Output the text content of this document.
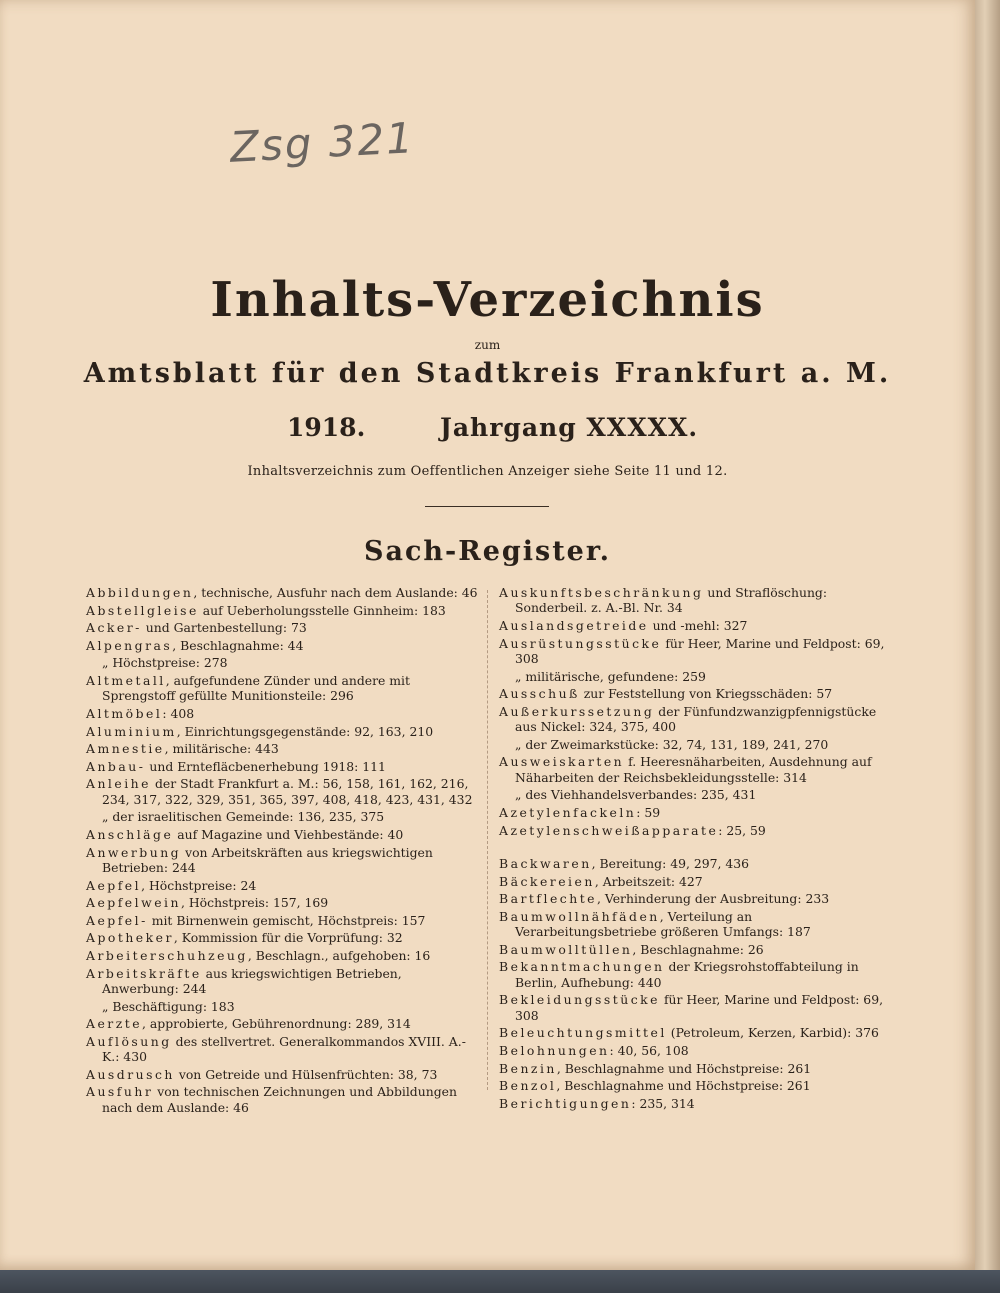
Zsg 321
Inhalts-Verzeichnis
zum
Amtsblatt für den Stadtkreis Frankfurt a. M.
1918.	Jahrgang XXXXX.
Inhaltsverzeichnis zum Oeffentlichen Anzeiger siehe Seite 11 und 12.
Sach-Register.
Abbildungen, technische, Ausfuhr nach dem Auslande: 46
Abstellgleise auf Ueberholungsstelle Ginnheim: 183
Acker- und Gartenbestellung: 73
Alpengras, Beschlagnahme: 44
„ Höchstpreise: 278
Altmetall, aufgefundene Zünder und andere mit Sprengstoff gefüllte Munitionsteile: 296
Altmöbel: 408
Aluminium, Einrichtungsgegenstände: 92, 163, 210
Amnestie, militärische: 443
Anbau- und Erntefläcbenerhebung 1918: 111
Anleihe der Stadt Frankfurt a. M.: 56, 158, 161, 162, 216, 234, 317, 322, 329, 351, 365, 397, 408, 418, 423, 431, 432
„ der israelitischen Gemeinde: 136, 235, 375
Anschläge auf Magazine und Viehbestände: 40
Anwerbung von Arbeitskräften aus kriegswichtigen Betrieben: 244
Aepfel, Höchstpreise: 24
Aepfelwein, Höchstpreis: 157, 169
Aepfel- mit Birnenwein gemischt, Höchstpreis: 157
Apotheker, Kommission für die Vorprüfung: 32
Arbeiterschuhzeug, Beschlagn., aufgehoben: 16
Arbeitskräfte aus kriegswichtigen Betrieben, Anwerbung: 244
„ Beschäftigung: 183
Aerzte, approbierte, Gebührenordnung: 289, 314
Auflösung des stellvertret. Generalkommandos XVIII. A.-K.: 430
Ausdrusch von Getreide und Hülsenfrüchten: 38, 73
Ausfuhr von technischen Zeichnungen und Abbildungen nach dem Auslande: 46
Auskunftsbeschränkung und Straflöschung: Sonderbeil. z. A.-Bl. Nr. 34
Auslandsgetreide und -mehl: 327
Ausrüstungsstücke für Heer, Marine und Feldpost: 69, 308
„ militärische, gefundene: 259
Ausschuß zur Feststellung von Kriegsschäden: 57
Außerkurssetzung der Fünfundzwanzigpfennigstücke aus Nickel: 324, 375, 400
„ der Zweimarkstücke: 32, 74, 131, 189, 241, 270
Ausweiskarten f. Heeresnäharbeiten, Ausdehnung auf Näharbeiten der Reichsbekleidungsstelle: 314
„ des Viehhandelsverbandes: 235, 431
Azetylenfackeln: 59
Azetylenschweißapparate: 25, 59
Backwaren, Bereitung: 49, 297, 436
Bäckereien, Arbeitszeit: 427
Bartflechte, Verhinderung der Ausbreitung: 233
Baumwollnähfäden, Verteilung an Verarbeitungsbetriebe größeren Umfangs: 187
Baumwolltüllen, Beschlagnahme: 26
Bekanntmachungen der Kriegsrohstoffabteilung in Berlin, Aufhebung: 440
Bekleidungsstücke für Heer, Marine und Feldpost: 69, 308
Beleuchtungsmittel (Petroleum, Kerzen, Karbid): 376
Belohnungen: 40, 56, 108
Benzin, Beschlagnahme und Höchstpreise: 261
Benzol, Beschlagnahme und Höchstpreise: 261
Berichtigungen: 235, 314
